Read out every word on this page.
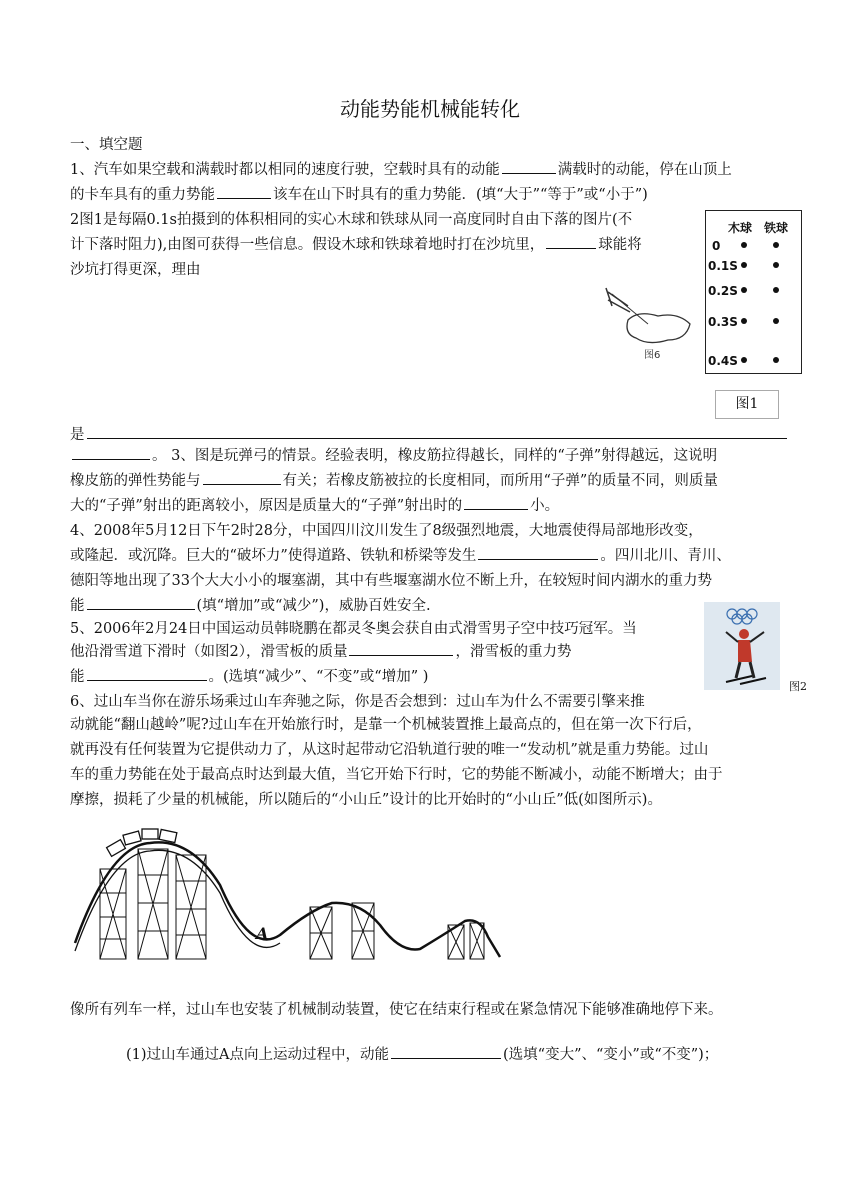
动能势能机械能转化
一、填空题
1、汽车如果空载和满载时都以相同的速度行驶，空载时具有的动能	满载时的动能，停在山顶上
的卡车具有的重力势能	该车在山下时具有的重力势能．(填“大于”“等于”或“小于”)
2图1是每隔0.1s拍摄到的体积相同的实心木球和铁球从同一高度同时自由下落的图片(不
计下落时阻力),由图可获得一些信息。假设木球和铁球着地时打在沙坑里，	球能将
沙坑打得更深，理由
是
。 3、图是玩弹弓的情景。经验表明，橡皮筋拉得越长，同样的“子弹”射得越远，这说明
橡皮筋的弹性势能与	有关；若橡皮筋被拉的长度相同，而所用“子弹”的质量不同，则质量
大的“子弹”射出的距离较小，原因是质量大的“子弹”射出时的	小。
4、2008年5月12日下午2时28分，中国四川汶川发生了8级强烈地震，大地震使得局部地形改变，
或隆起．或沉降。巨大的“破坏力”使得道路、铁轨和桥梁等发生	。四川北川、青川、
德阳等地出现了33个大大小小的堰塞湖，其中有些堰塞湖水位不断上升，在较短时间内湖水的重力势
能	(填“增加”或“减少”)，威胁百姓安全.
5、2006年2月24日中国运动员韩晓鹏在都灵冬奥会获自由式滑雪男子空中技巧冠军。当
他沿滑雪道下滑时（如图2），滑雪板的质量	，滑雪板的重力势
能	。(选填“减少”、“不变”或“增加” )
6、过山车当你在游乐场乘过山车奔驰之际，你是否会想到：过山车为什么不需要引擎来推
动就能“翻山越岭”呢?过山车在开始旅行时，是靠一个机械装置推上最高点的，但在第一次下行后，
就再没有任何装置为它提供动力了，从这时起带动它沿轨道行驶的唯一“发动机”就是重力势能。过山
车的重力势能在处于最高点时达到最大值，当它开始下行时，它的势能不断减小，动能不断增大；由于
摩擦，损耗了少量的机械能，所以随后的“小山丘”设计的比开始时的“小山丘”低(如图所示)。
像所有列车一样，过山车也安装了机械制动装置，使它在结束行程或在紧急情况下能够准确地停下来。
(1)过山车通过A点向上运动过程中，动能	(选填“变大”、“变小”或“不变”)；
木球 铁球
0
0.1S
0.2S
0.3S
0.4S
图1
图6
图2
A
